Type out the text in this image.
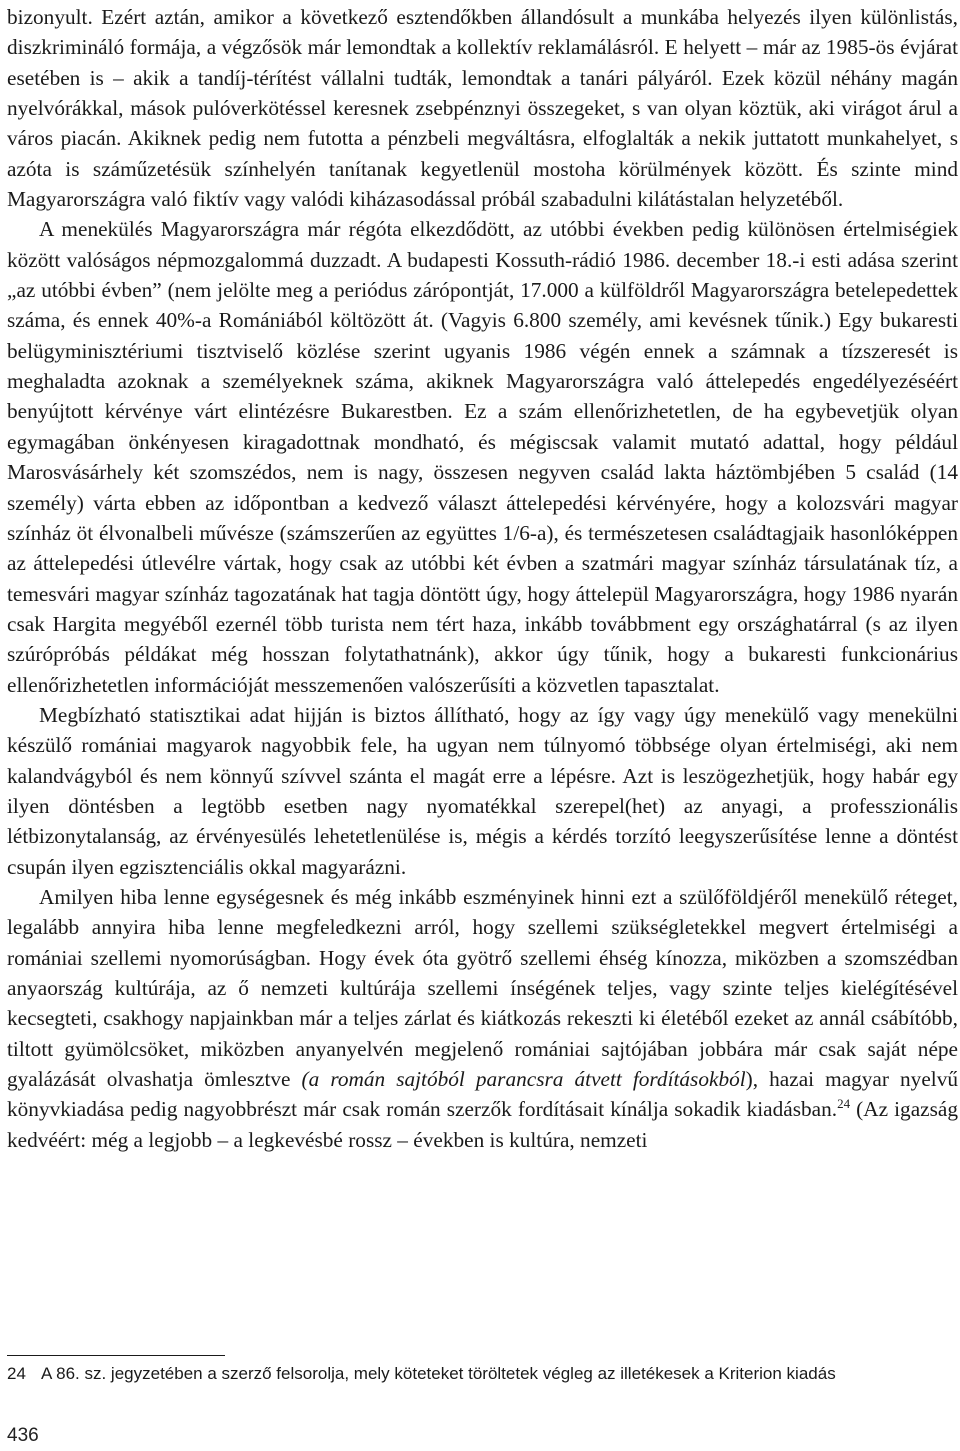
bizonyult. Ezért aztán, amikor a következő esztendőkben állandósult a munkába helyezés ilyen különlistás, diszkrimináló formája, a végzősök már lemondtak a kollektív reklamálásról. E helyett – már az 1985-ös évjárat esetében is – akik a tandíj-térítést vállalni tudták, lemondtak a tanári pályáról. Ezek közül néhány magán nyelvórákkal, mások pulóverkötéssel keresnek zsebpénznyi összegeket, s van olyan köztük, aki virágot árul a város piacán. Akiknek pedig nem futotta a pénzbeli megváltásra, elfoglalták a nekik juttatott munkahelyet, s azóta is száműzetésük színhelyén tanítanak kegyetlenül mostoha körülmények között. És szinte mind Magyarországra való fiktív vagy valódi kiházasodással próbál szabadulni kilátástalan helyzetéből.

A menekülés Magyarországra már régóta elkezdődött, az utóbbi években pedig különösen értelmiségiek között valóságos népmozgalommá duzzadt. A budapesti Kossuth-rádió 1986. december 18.-i esti adása szerint „az utóbbi évben” (nem jelölte meg a periódus zárópontját, 17.000 a külföldről Magyarországra betelepedettek száma, és ennek 40%-a Romániából költözött át. (Vagyis 6.800 személy, ami kevésnek tűnik.) Egy bukaresti belügyminisztériumi tisztviselő közlése szerint ugyanis 1986 végén ennek a számnak a tízszeresét is meghaladta azoknak a személyeknek száma, akiknek Magyarországra való áttelepedés engedélyezéséért benyújtott kérvénye várt elintézésre Bukarestben. Ez a szám ellenőrizhetetlen, de ha egybevetjük olyan egymagában önkényesen kiragadottnak mondható, és mégiscsak valamit mutató adattal, hogy például Marosvásárhely két szomszédos, nem is nagy, összesen negyven család lakta háztömbjében 5 család (14 személy) várta ebben az időpontban a kedvező választ áttelepedési kérvényére, hogy a kolozsvári magyar színház öt élvonalbeli művésze (számszerűen az együttes 1/6-a), és természetesen családtagjaik hasonlóképpen az áttelepedési útlevélre vártak, hogy csak az utóbbi két évben a szatmári magyar színház társulatának tíz, a temesvári magyar színház tagozatának hat tagja döntött úgy, hogy áttelepül Magyarországra, hogy 1986 nyarán csak Hargita megyéből ezernél több turista nem tért haza, inkább továbbment egy országhatárral (s az ilyen szúrópróbás példákat még hosszan folytathatnánk), akkor úgy tűnik, hogy a bukaresti funkcionárius ellenőrizhetetlen információját messzemenően valószerűsíti a közvetlen tapasztalat.

Megbízható statisztikai adat hijján is biztos állítható, hogy az így vagy úgy menekülő vagy menekülni készülő romániai magyarok nagyobbik fele, ha ugyan nem túlnyomó többsége olyan értelmiségi, aki nem kalandvágyból és nem könnyű szívvel szánta el magát erre a lépésre. Azt is leszögezhetjük, hogy habár egy ilyen döntésben a legtöbb esetben nagy nyomatékkal szerepel(het) az anyagi, a professzionális létbizonytalanság, az érvényesülés lehetetlenülése is, mégis a kérdés torzító leegyszerűsítése lenne a döntést csupán ilyen egzisztenciális okkal magyarázni.

Amilyen hiba lenne egységesnek és még inkább eszményinek hinni ezt a szülőföldjéről menekülő réteget, legalább annyira hiba lenne megfeledkezni arról, hogy szellemi szükségletekkel megvert értelmiségi a romániai szellemi nyomorúságban. Hogy évek óta gyötrő szellemi éhség kínozza, miközben a szomszédban anyaország kultúrája, az ő nemzeti kultúrája szellemi ínségének teljes, vagy szinte teljes kielégítésével kecsegteti, csakhogy napjainkban már a teljes zárlat és kiátkozás rekeszti ki életéből ezeket az annál csábítóbb, tiltott gyümölcsöket, miközben anyanyelvén megjelenő romániai sajtójában jobbára már csak saját népe gyalázását olvashatja ömlesztve (a román sajtóból parancsra átvett fordításokból), hazai magyar nyelvű könyvkiadása pedig nagyobbrészt már csak román szerzők fordításait kínálja sokadik kiadásban.$^{24}$ (Az igazság kedvéért: még a legjobb – a legkevésbé rossz – években is kultúra, nemzeti

24 A 86. sz. jegyzetében a szerző felsorolja, mely köteteket töröltetek végleg az illetékesek a Kriterion kiadás
436
